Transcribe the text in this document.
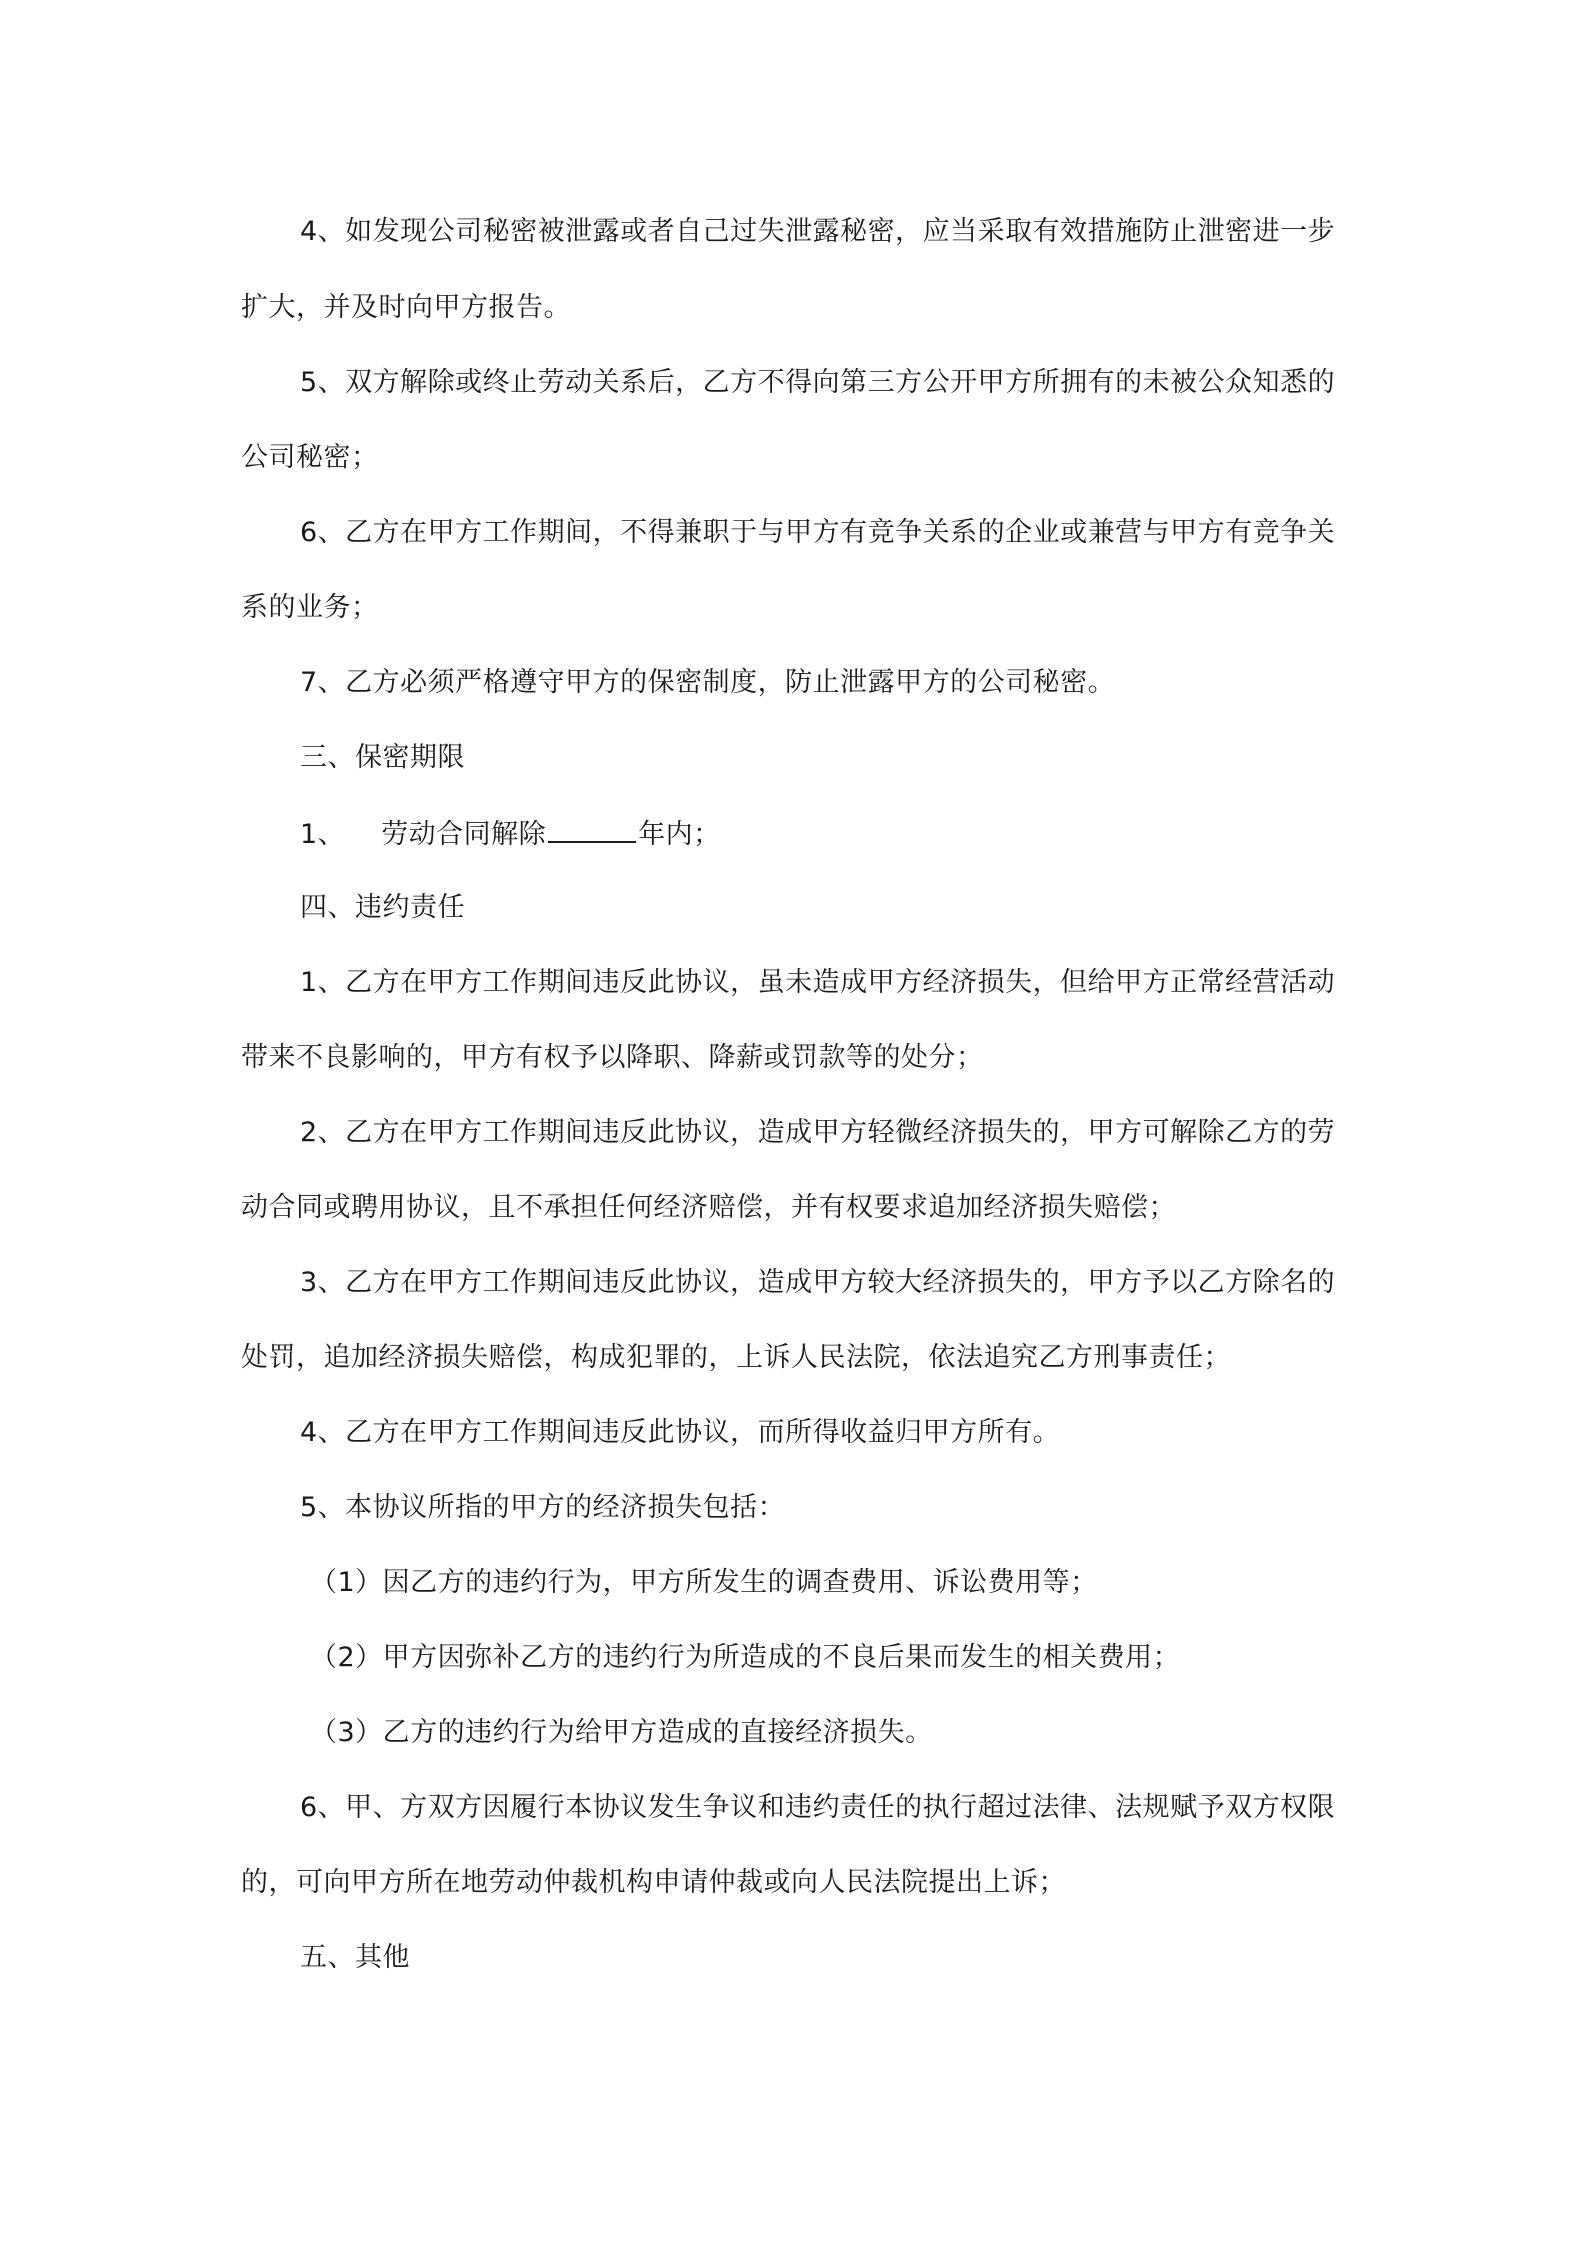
4、如发现公司秘密被泄露或者自己过失泄露秘密，应当采取有效措施防止泄密进一步
扩大，并及时向甲方报告。
5、双方解除或终止劳动关系后，乙方不得向第三方公开甲方所拥有的未被公众知悉的
公司秘密；
6、乙方在甲方工作期间，不得兼职于与甲方有竞争关系的企业或兼营与甲方有竞争关
系的业务；
7、乙方必须严格遵守甲方的保密制度，防止泄露甲方的公司秘密。
三、保密期限
1、 劳动合同解除	年内；
四、违约责任
1、乙方在甲方工作期间违反此协议，虽未造成甲方经济损失，但给甲方正常经营活动
带来不良影响的，甲方有权予以降职、降薪或罚款等的处分；
2、乙方在甲方工作期间违反此协议，造成甲方轻微经济损失的，甲方可解除乙方的劳
动合同或聘用协议，且不承担任何经济赔偿，并有权要求追加经济损失赔偿；
3、乙方在甲方工作期间违反此协议，造成甲方较大经济损失的，甲方予以乙方除名的
处罚，追加经济损失赔偿，构成犯罪的，上诉人民法院，依法追究乙方刑事责任；
4、乙方在甲方工作期间违反此协议，而所得收益归甲方所有。
5、本协议所指的甲方的经济损失包括：
（1）因乙方的违约行为，甲方所发生的调查费用、诉讼费用等；
（2）甲方因弥补乙方的违约行为所造成的不良后果而发生的相关费用；
（3）乙方的违约行为给甲方造成的直接经济损失。
6、甲、方双方因履行本协议发生争议和违约责任的执行超过法律、法规赋予双方权限
的，可向甲方所在地劳动仲裁机构申请仲裁或向人民法院提出上诉；
五、其他
